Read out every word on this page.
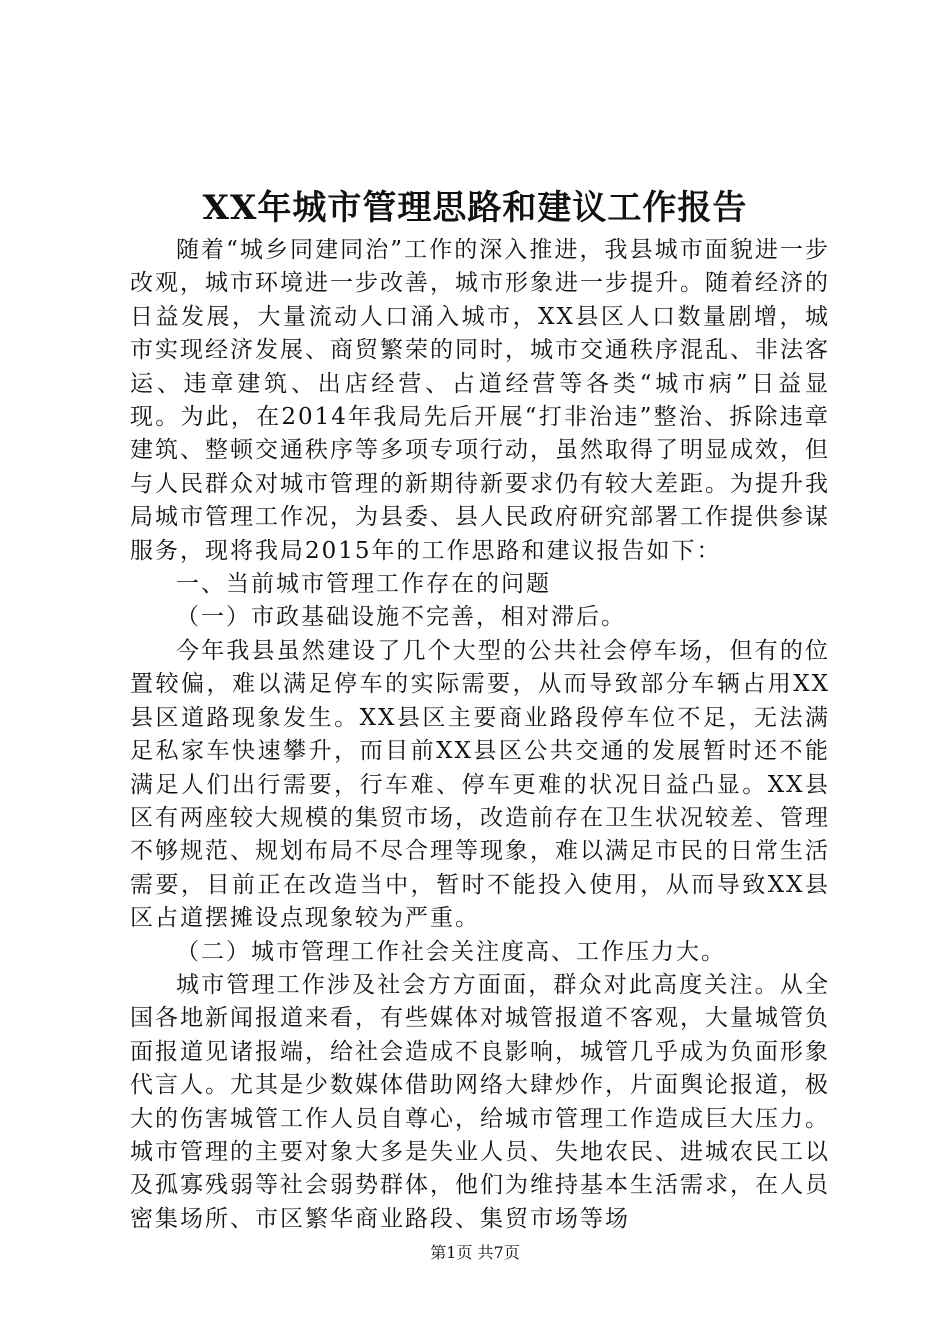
XX年城市管理思路和建议工作报告

随着“城乡同建同治”工作的深入推进，我县城市面貌进一步改观，城市环境进一步改善，城市形象进一步提升。随着经济的日益发展，大量流动人口涌入城市，XX县区人口数量剧增，城市实现经济发展、商贸繁荣的同时，城市交通秩序混乱、非法客运、违章建筑、出店经营、占道经营等各类“城市病”日益显现。为此，在2014年我局先后开展“打非治违”整治、拆除违章建筑、整顿交通秩序等多项专项行动，虽然取得了明显成效，但与人民群众对城市管理的新期待新要求仍有较大差距。为提升我局城市管理工作况，为县委、县人民政府研究部署工作提供参谋服务，现将我局2015年的工作思路和建议报告如下：

一、当前城市管理工作存在的问题

（一）市政基础设施不完善，相对滞后。

今年我县虽然建设了几个大型的公共社会停车场，但有的位置较偏，难以满足停车的实际需要，从而导致部分车辆占用XX县区道路现象发生。XX县区主要商业路段停车位不足，无法满足私家车快速攀升，而目前XX县区公共交通的发展暂时还不能满足人们出行需要，行车难、停车更难的状况日益凸显。XX县区有两座较大规模的集贸市场，改造前存在卫生状况较差、管理不够规范、规划布局不尽合理等现象，难以满足市民的日常生活需要，目前正在改造当中，暂时不能投入使用，从而导致XX县区占道摆摊设点现象较为严重。

（二）城市管理工作社会关注度高、工作压力大。

城市管理工作涉及社会方方面面，群众对此高度关注。从全国各地新闻报道来看，有些媒体对城管报道不客观，大量城管负面报道见诸报端，给社会造成不良影响，城管几乎成为负面形象代言人。尤其是少数媒体借助网络大肆炒作，片面舆论报道，极大的伤害城管工作人员自尊心，给城市管理工作造成巨大压力。城市管理的主要对象大多是失业人员、失地农民、进城农民工以及孤寡残弱等社会弱势群体，他们为维持基本生活需求，在人员密集场所、市区繁华商业路段、集贸市场等场

第1页 共7页
